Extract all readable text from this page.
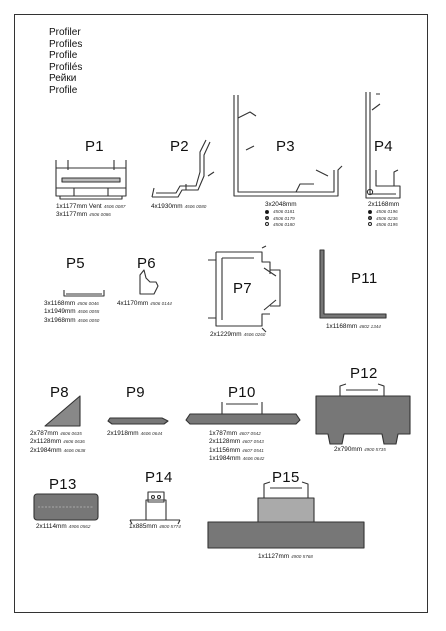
Profiler
Profiles
Profile
Profilés
Рейки
Profile
P1	P2	P3	P4
P5	P6
P7
P11
P8	P9	P10
P12
P13	P14	P15
1x1177mm Vent 4506 0087
3x1177mm 4506 0086
4x1930mm 4506 0080	3x2048mm
4506 0181
4506 0179
4506 0180
2x1168mm
4506 0196
4506 0236
4506 0195
3x1168mm 4506 0046
1x1949mm 4506 0055
3x1968mm 4506 0050
4x1170mm 4506 0144
2x1229mm 4506 0260
1x1168mm 4802 1344
2x787mm 4606 0635
2x1128mm 4606 0636
2x1984mm 4606 0638
2x1918mm 4606 0644	1x787mm 4607 0542
2x1128mm 4607 0543
1x1156mm 4607 0541
1x1984mm 4606 0642
2x790mm 4900 5735
2x1114mm 4906 0562	1x885mm 4800 5774
1x1127mm 4900 5768
